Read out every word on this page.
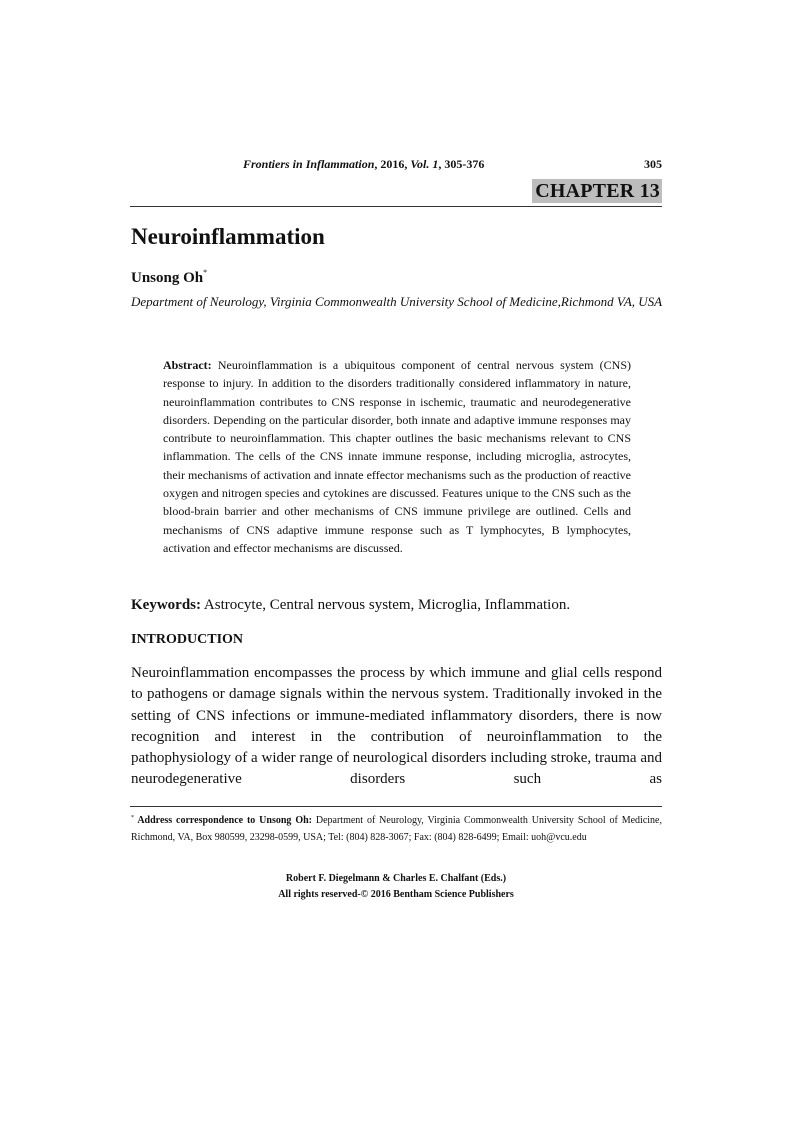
Frontiers in Inflammation, 2016, Vol. 1, 305-376	305
CHAPTER 13
Neuroinflammation
Unsong Oh*
Department of Neurology, Virginia Commonwealth University School of Medicine,Richmond VA, USA
Abstract: Neuroinflammation is a ubiquitous component of central nervous system (CNS) response to injury. In addition to the disorders traditionally considered inflammatory in nature, neuroinflammation contributes to CNS response in ischemic, traumatic and neurodegenerative disorders. Depending on the particular disorder, both innate and adaptive immune responses may contribute to neuroinflammation. This chapter outlines the basic mechanisms relevant to CNS inflammation. The cells of the CNS innate immune response, including microglia, astrocytes, their mechanisms of activation and innate effector mechanisms such as the production of reactive oxygen and nitrogen species and cytokines are discussed. Features unique to the CNS such as the blood-brain barrier and other mechanisms of CNS immune privilege are outlined. Cells and mechanisms of CNS adaptive immune response such as T lymphocytes, B lymphocytes, activation and effector mechanisms are discussed.
Keywords: Astrocyte, Central nervous system, Microglia, Inflammation.
INTRODUCTION
Neuroinflammation encompasses the process by which immune and glial cells respond to pathogens or damage signals within the nervous system. Traditionally invoked in the setting of CNS infections or immune-mediated inflammatory disorders, there is now recognition and interest in the contribution of neuroinflammation to the pathophysiology of a wider range of neurological disorders including stroke, trauma and neurodegenerative disorders such as
* Address correspondence to Unsong Oh: Department of Neurology, Virginia Commonwealth University School of Medicine, Richmond, VA, Box 980599, 23298-0599, USA; Tel: (804) 828-3067; Fax: (804) 828-6499; Email: uoh@vcu.edu
Robert F. Diegelmann & Charles E. Chalfant (Eds.)
All rights reserved-© 2016 Bentham Science Publishers
